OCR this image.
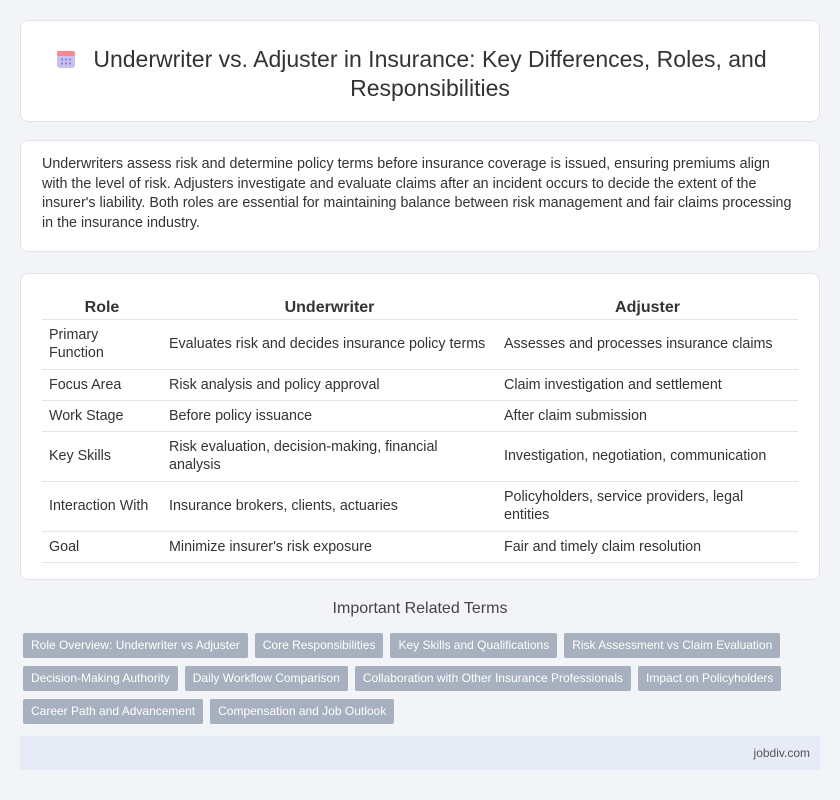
Underwriter vs. Adjuster in Insurance: Key Differences, Roles, and Responsibilities

Underwriters assess risk and determine policy terms before insurance coverage is issued, ensuring premiums align with the level of risk. Adjusters investigate and evaluate claims after an incident occurs to decide the extent of the insurer's liability. Both roles are essential for maintaining balance between risk management and fair claims processing in the insurance industry.

Role	Underwriter	Adjuster
Primary Function	Evaluates risk and decides insurance policy terms	Assesses and processes insurance claims
Focus Area	Risk analysis and policy approval	Claim investigation and settlement
Work Stage	Before policy issuance	After claim submission
Key Skills	Risk evaluation, decision-making, financial analysis	Investigation, negotiation, communication
Interaction With	Insurance brokers, clients, actuaries	Policyholders, service providers, legal entities
Goal	Minimize insurer's risk exposure	Fair and timely claim resolution
Important Related Terms
Role Overview: Underwriter vs Adjuster	Core Responsibilities	Key Skills and Qualifications	Risk Assessment vs Claim Evaluation
Decision-Making Authority	Daily Workflow Comparison	Collaboration with Other Insurance Professionals	Impact on Policyholders
Career Path and Advancement	Compensation and Job Outlook
jobdiv.com
